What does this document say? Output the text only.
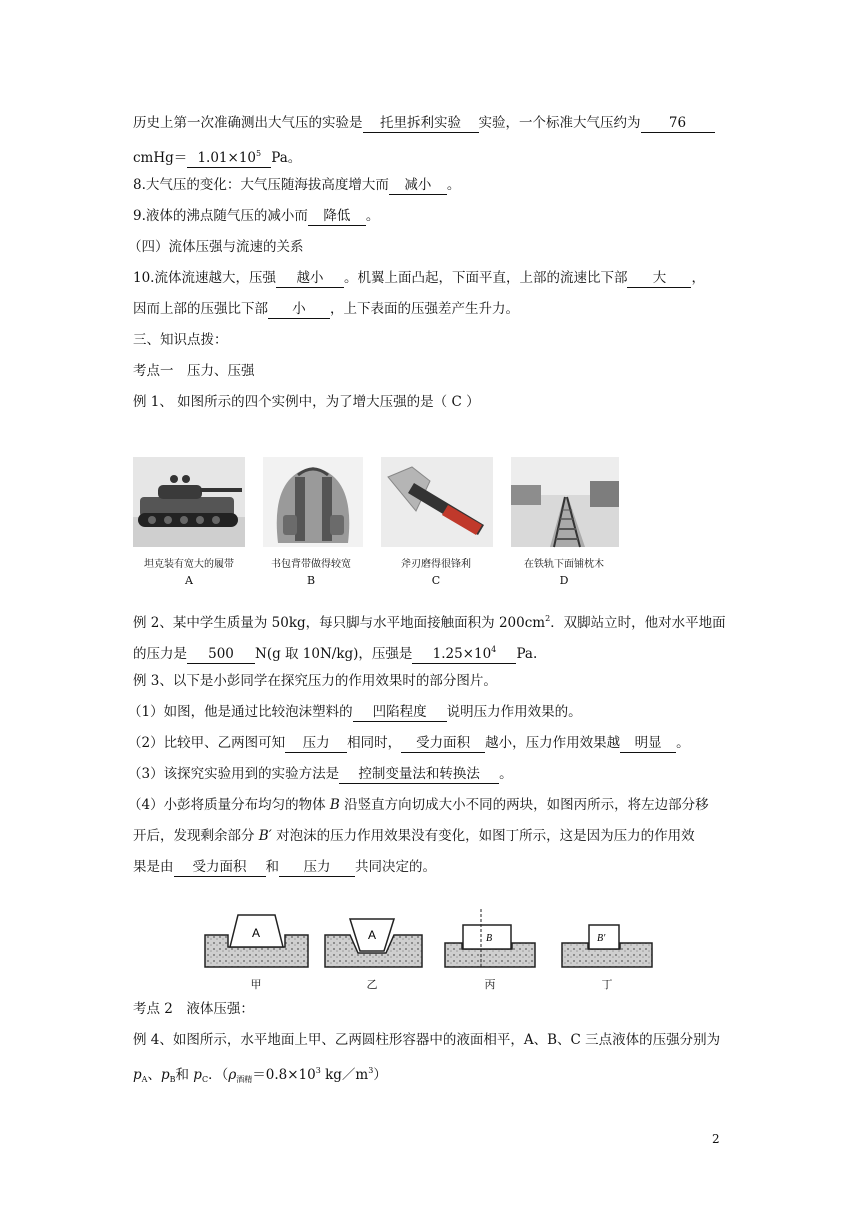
历史上第一次准确测出大气压的实验是 托里拆利实验 实验，一个标准大气压约为 76
cmHg＝ $1.01\times 10^5$ Pa。
8.大气压的变化：大气压随海拔高度增大而 减小 。
9.液体的沸点随气压的减小而 降低 。
（四）流体压强与流速的关系
10.流体流速越大，压强 越小 。机翼上面凸起，下面平直，上部的流速比下部 大 ，
因而上部的压强比下部 小 ，上下表面的压强差产生升力。
三、知识点拨：
考点一　压力、压强
例 1、 如图所示的四个实例中，为了增大压强的是（ C ）
坦克装有宽大的履带	书包背带做得较宽	斧刃磨得很锋利	在铁轨下面铺枕木
A	B	C	D
例 2、某中学生质量为 50kg，每只脚与水平地面接触面积为 $200cm^2$．双脚站立时，他对水平地面
的压力是 500 N(g 取 10N/kg)，压强是 $1.25\times 10^4$ Pa.
例 3、以下是小彭同学在探究压力的作用效果时的部分图片。
（1）如图，他是通过比较泡沫塑料的 凹陷程度 说明压力作用效果的。
（2）比较甲、乙两图可知 压力 相同时， 受力面积 越小，压力作用效果越 明显 。
（3）该探究实验用到的实验方法是 控制变量法和转换法 。
（4）小彭将质量分布均匀的物体 B 沿竖直方向切成大小不同的两块，如图丙所示，将左边部分移
开后，发现剩余部分 B′ 对泡沫的压力作用效果没有变化，如图丁所示，这是因为压力的作用效
果是由 受力面积 和 压力 共同决定的。
A	A	B	B′
甲	乙	丙	丁
考点 2　液体压强：
例 4、如图所示，水平地面上甲、乙两圆柱形容器中的液面相平，A、B、C 三点液体的压强分别为
$p_A$、$p_B$和 $p_C$．（$\rho_{酒精}=0.8\times 10^3$ $kg/m^3$）
2
